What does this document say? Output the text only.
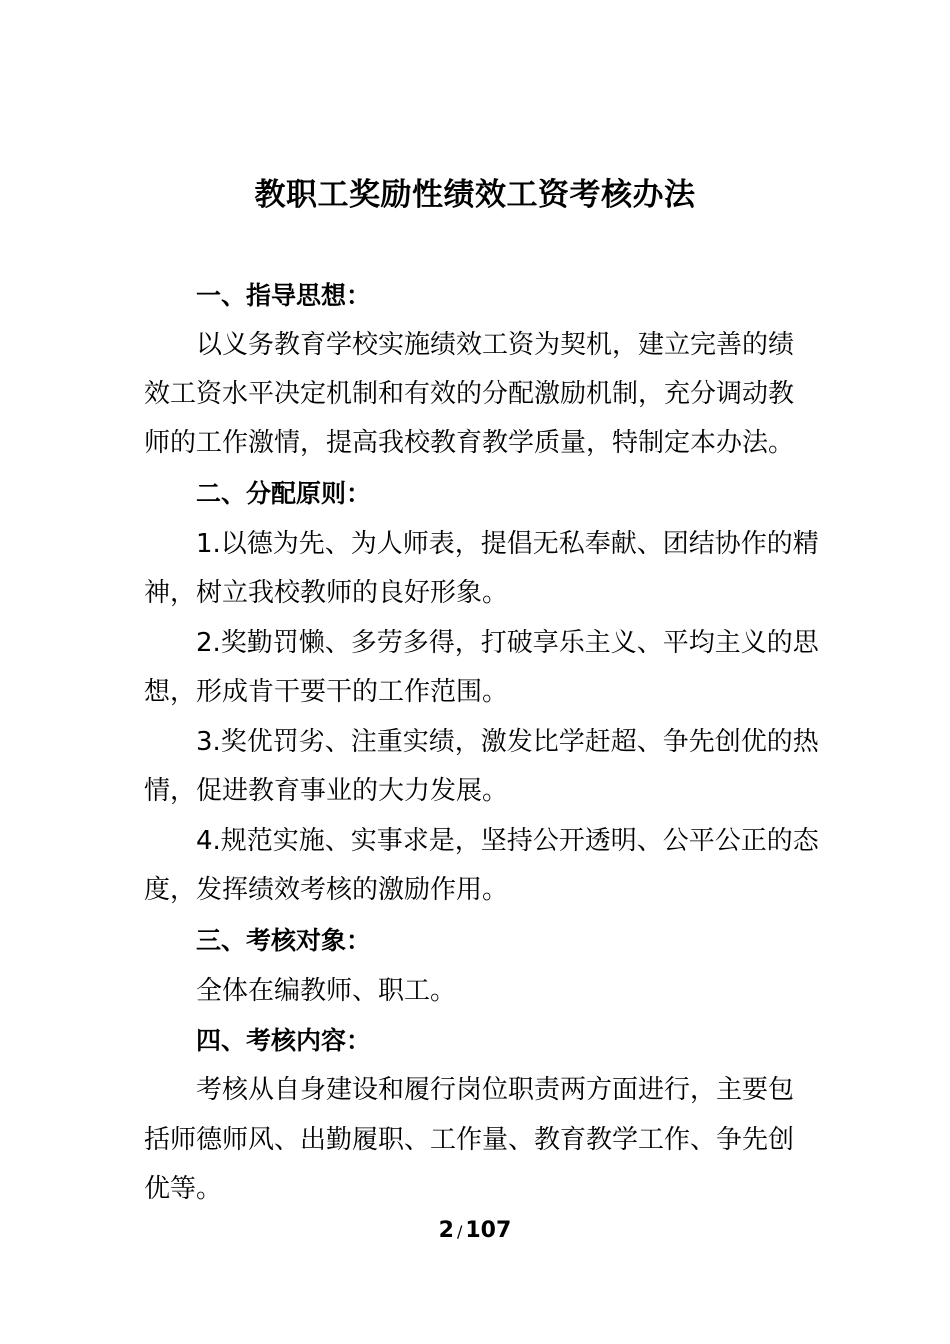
教职工奖励性绩效工资考核办法
一、指导思想：
以义务教育学校实施绩效工资为契机，建立完善的绩
效工资水平决定机制和有效的分配激励机制，充分调动教
师的工作激情，提高我校教育教学质量，特制定本办法。
二、分配原则：
1.以德为先、为人师表，提倡无私奉献、团结协作的精
神，树立我校教师的良好形象。
2.奖勤罚懒、多劳多得，打破享乐主义、平均主义的思
想，形成肯干要干的工作范围。
3.奖优罚劣、注重实绩，激发比学赶超、争先创优的热
情，促进教育事业的大力发展。
4.规范实施、实事求是，坚持公开透明、公平公正的态
度，发挥绩效考核的激励作用。
三、考核对象：
全体在编教师、职工。
四、考核内容：
考核从自身建设和履行岗位职责两方面进行，主要包
括师德师风、出勤履职、工作量、教育教学工作、争先创
优等。
2 / 107
